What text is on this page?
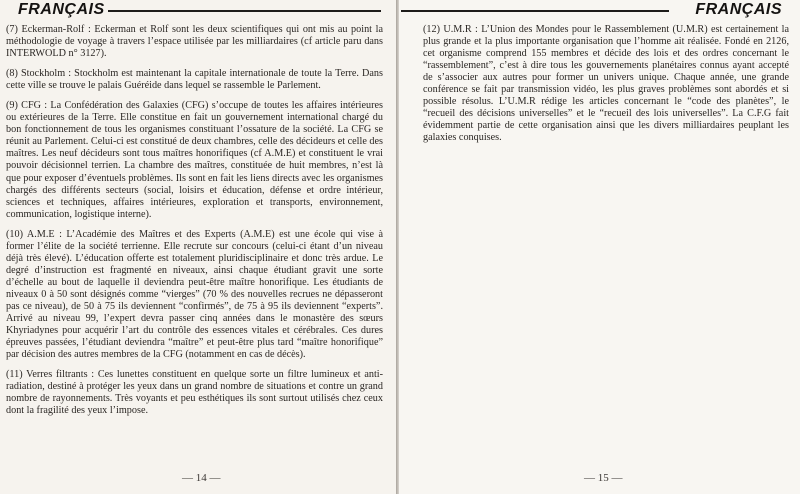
FRANÇAIS

(7) Eckerman-Rolf : Eckerman et Rolf sont les deux scientifiques qui ont mis au point la méthodologie de voyage à travers l’espace utilisée par les milliardaires (cf article paru dans INTERWOLD n° 3127).

(8) Stockholm : Stockholm est maintenant la capitale internationale de toute la Terre. Dans cette ville se trouve le palais Guéréide dans lequel se rassemble le Parlement.

(9) CFG : La Confédération des Galaxies (CFG) s’occupe de toutes les affaires intérieures ou extérieures de la Terre. Elle constitue en fait un gouvernement international chargé du bon fonctionnement de tous les organismes constituant l’ossature de la société. La CFG se réunit au Parlement. Celui-ci est constitué de deux chambres, celle des décideurs et celle des maîtres. Les neuf décideurs sont tous maîtres honorifiques (cf A.M.E) et constituent le vrai pouvoir décisionnel terrien. La chambre des maîtres, constituée de huit membres, n’est là que pour exposer d’éventuels problèmes. Ils sont en fait les liens directs avec les organismes chargés des différents secteurs (social, loisirs et éducation, défense et ordre intérieur, sciences et techniques, affaires intérieures, exploration et transports, environnement, communication, logistique interne).

(10) A.M.E : L’Académie des Maîtres et des Experts (A.M.E) est une école qui vise à former l’élite de la société terrienne. Elle recrute sur concours (celui-ci étant d’un niveau déjà très élevé). L’éducation offerte est totalement pluridisciplinaire et donc très ardue. Le degré d’instruction est fragmenté en niveaux, ainsi chaque étudiant gravit une sorte d’échelle au bout de laquelle il deviendra peut-être maître honorifique. Les étudiants de niveaux 0 à 50 sont désignés comme “vierges” (70 % des nouvelles recrues ne dépasseront pas ce niveau), de 50 à 75 ils deviennent “confirmés”, de 75 à 95 ils deviennent “experts”. Arrivé au niveau 99, l’expert devra passer cinq années dans le monastère des sœurs Khyriadynes pour acquérir l’art du contrôle des essences vitales et cérébrales. Ces dures épreuves passées, l’étudiant deviendra “maître” et peut-être plus tard “maître honorifique” par décision des autres membres de la CFG (notamment en cas de décès).

(11) Verres filtrants : Ces lunettes constituent en quelque sorte un filtre lumineux et anti-radiation, destiné à protéger les yeux dans un grand nombre de situations et contre un grand nombre de rayonnements. Très voyants et peu esthétiques ils sont surtout utilisés chez ceux dont la fragilité des yeux l’impose.

— 14 —
FRANÇAIS

(12) U.M.R : L’Union des Mondes pour le Rassemblement (U.M.R) est certainement la plus grande et la plus importante organisation que l’homme ait réalisée. Fondé en 2126, cet organisme comprend 155 membres et décide des lois et des ordres concernant le “rassemblement”, c’est à dire tous les gouvernements planétaires connus ayant accepté de s’associer aux autres pour former un univers unique. Chaque année, une grande conférence se fait par transmission vidéo, les plus graves problèmes sont abordés et si possible résolus. L’U.M.R rédige les articles concernant le “code des planètes”, le “recueil des décisions universelles” et le “recueil des lois universelles”. La C.F.G fait évidemment partie de cette organisation ainsi que les divers milliardaires peuplant les galaxies conquises.

— 15 —
